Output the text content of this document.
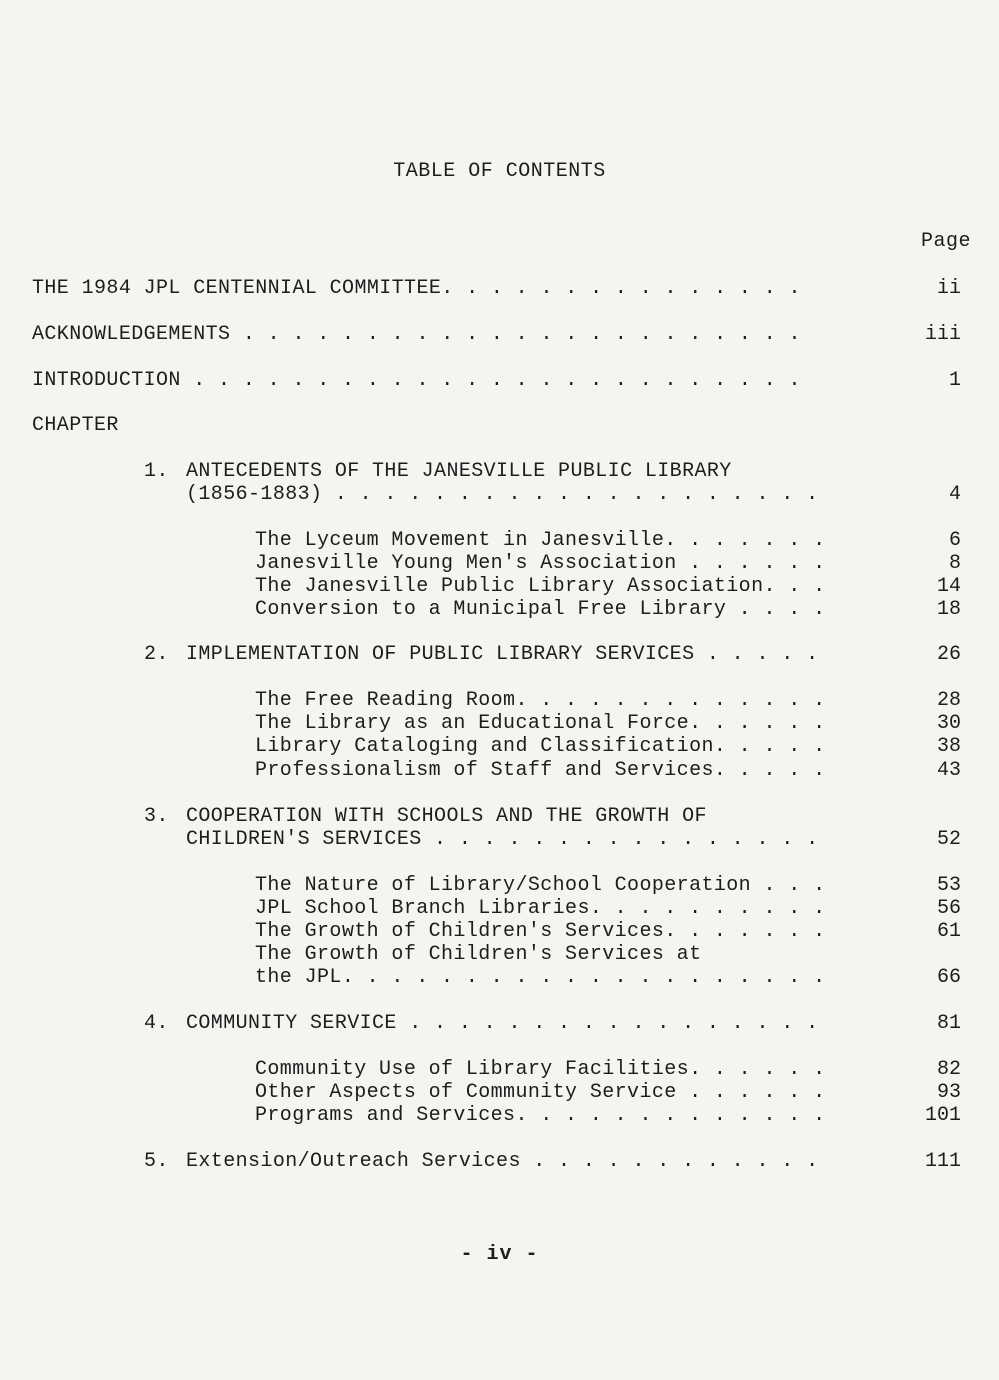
TABLE OF CONTENTS
Page
THE 1984 JPL CENTENNIAL COMMITTEE. . . . . . . . . . . . . . .	ii
ACKNOWLEDGEMENTS . . . . . . . . . . . . . . . . . . . . . . .	iii
INTRODUCTION . . . . . . . . . . . . . . . . . . . . . . . . .	1
CHAPTER
1. ANTECEDENTS OF THE JANESVILLE PUBLIC LIBRARY
(1856-1883) . . . . . . . . . . . . . . . . . . . .	4
The Lyceum Movement in Janesville. . . . . . .	6
Janesville Young Men's Association . . . . . .	8
The Janesville Public Library Association. . .	14
Conversion to a Municipal Free Library . . . .	18
2. IMPLEMENTATION OF PUBLIC LIBRARY SERVICES . . . . .	26
The Free Reading Room. . . . . . . . . . . . .	28
The Library as an Educational Force. . . . . .	30
Library Cataloging and Classification. . . . .	38
Professionalism of Staff and Services. . . . .	43
3. COOPERATION WITH SCHOOLS AND THE GROWTH OF
CHILDREN'S SERVICES . . . . . . . . . . . . . . . .	52
The Nature of Library/School Cooperation . . .	53
JPL School Branch Libraries. . . . . . . . . .	56
The Growth of Children's Services. . . . . . .	61
The Growth of Children's Services at
the JPL. . . . . . . . . . . . . . . . . . . .	66
4. COMMUNITY SERVICE . . . . . . . . . . . . . . . . .	81
Community Use of Library Facilities. . . . . .	82
Other Aspects of Community Service . . . . . .	93
Programs and Services. . . . . . . . . . . . .	101
5. Extension/Outreach Services . . . . . . . . . . . .	111
- iv -
